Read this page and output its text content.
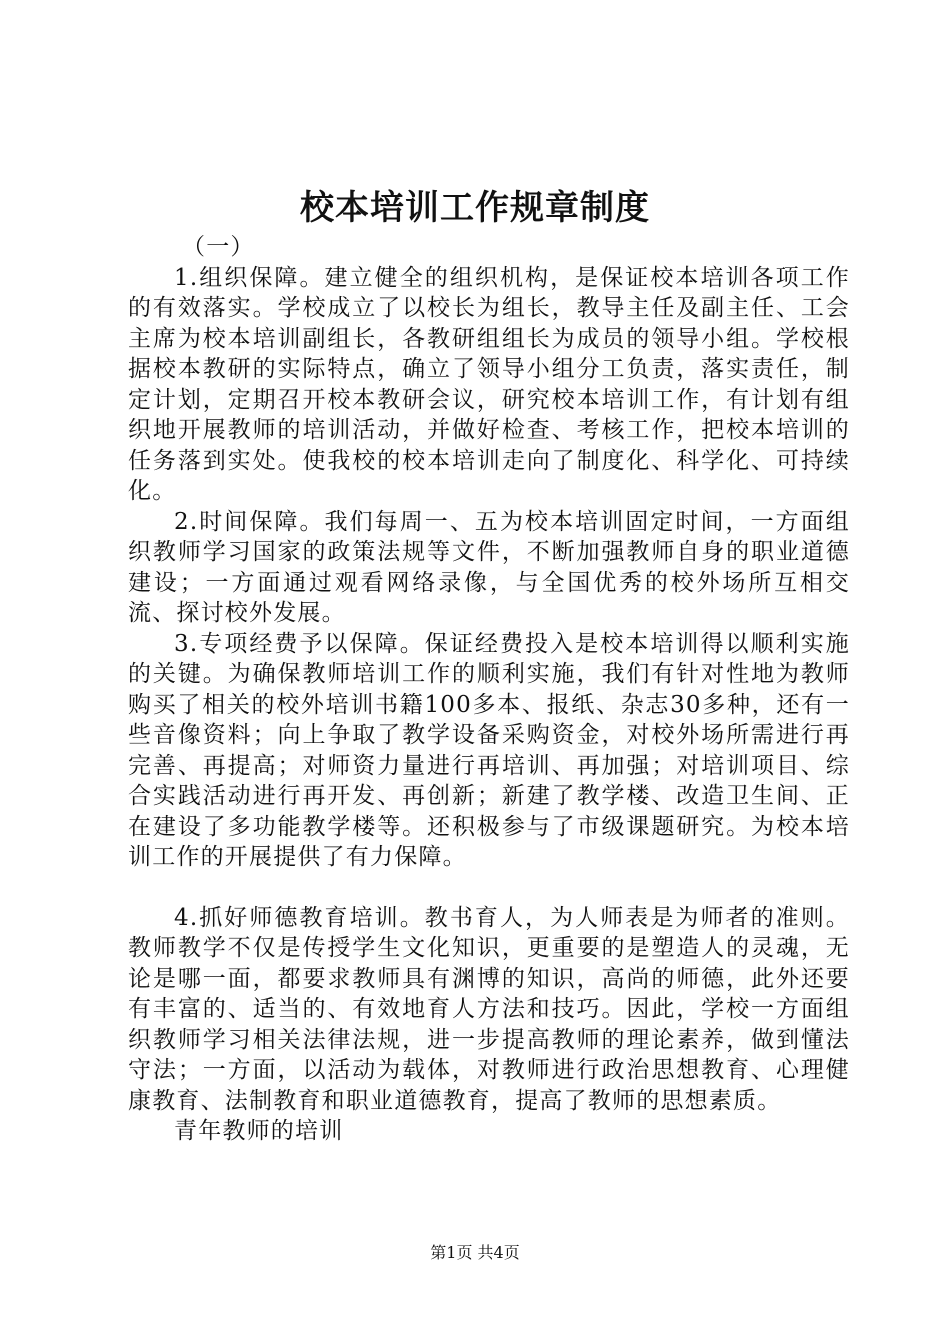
校本培训工作规章制度

（一）

1.组织保障。建立健全的组织机构，是保证校本培训各项工作的有效落实。学校成立了以校长为组长，教导主任及副主任、工会主席为校本培训副组长，各教研组组长为成员的领导小组。学校根据校本教研的实际特点，确立了领导小组分工负责，落实责任，制定计划，定期召开校本教研会议，研究校本培训工作，有计划有组织地开展教师的培训活动，并做好检查、考核工作，把校本培训的任务落到实处。使我校的校本培训走向了制度化、科学化、可持续化。

2.时间保障。我们每周一、五为校本培训固定时间，一方面组织教师学习国家的政策法规等文件，不断加强教师自身的职业道德建设；一方面通过观看网络录像，与全国优秀的校外场所互相交流、探讨校外发展。

3.专项经费予以保障。保证经费投入是校本培训得以顺利实施的关键。为确保教师培训工作的顺利实施，我们有针对性地为教师购买了相关的校外培训书籍100多本、报纸、杂志30多种，还有一些音像资料；向上争取了教学设备采购资金，对校外场所需进行再完善、再提高；对师资力量进行再培训、再加强；对培训项目、综合实践活动进行再开发、再创新；新建了教学楼、改造卫生间、正在建设了多功能教学楼等。还积极参与了市级课题研究。为校本培训工作的开展提供了有力保障。

4.抓好师德教育培训。教书育人，为人师表是为师者的准则。教师教学不仅是传授学生文化知识，更重要的是塑造人的灵魂，无论是哪一面，都要求教师具有渊博的知识，高尚的师德，此外还要有丰富的、适当的、有效地育人方法和技巧。因此，学校一方面组织教师学习相关法律法规，进一步提高教师的理论素养，做到懂法守法；一方面，以活动为载体，对教师进行政治思想教育、心理健康教育、法制教育和职业道德教育，提高了教师的思想素质。

青年教师的培训

第1页 共4页
